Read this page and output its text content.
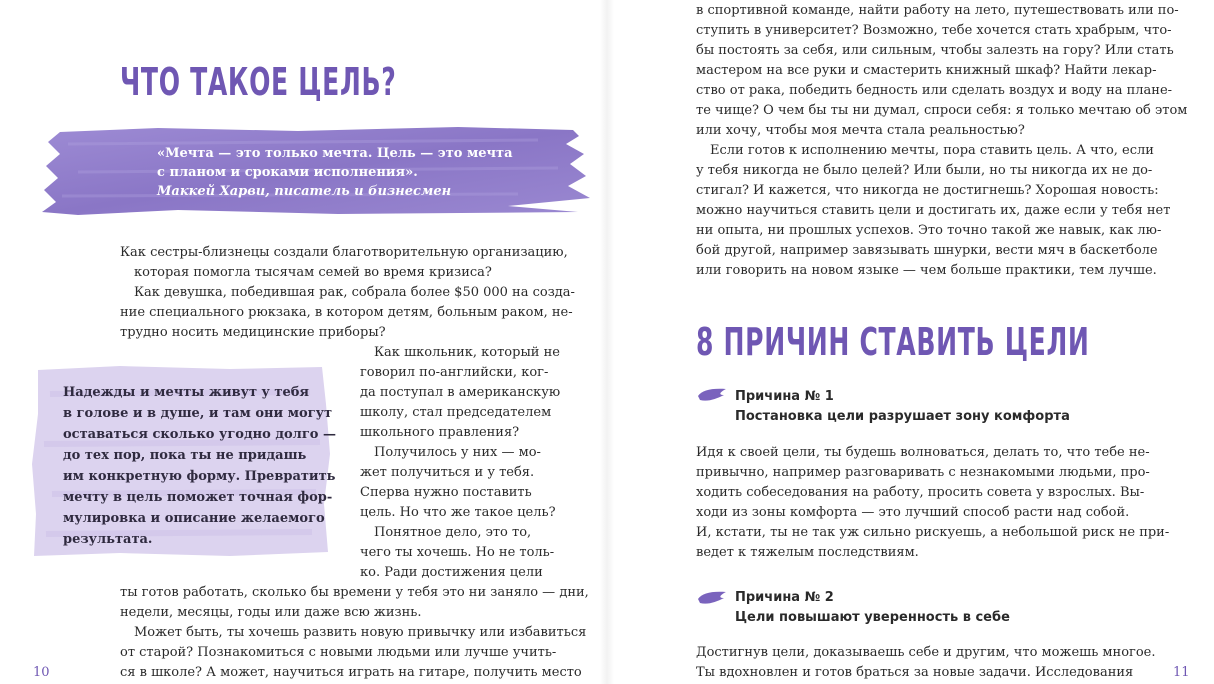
ЧТО ТАКОЕ ЦЕЛЬ?
«Мечта — это только мечта. Цель — это мечта
с планом и сроками исполнения».
Маккей Харви, писатель и бизнесмен
Как сестры-близнецы создали благотворительную организацию,
которая помогла тысячам семей во время кризиса?
Как девушка, победившая рак, собрала более $50 000 на созда-
ние специального рюкзака, в котором детям, больным раком, не-
трудно носить медицинские приборы?
Надежды и мечты живут у тебя
в голове и в душе, и там они могут
оставаться сколько угодно долго —
до тех пор, пока ты не придашь
им конкретную форму. Превратить
мечту в цель поможет точная фор-
мулировка и описание желаемого
результата.
Как школьник, который не
говорил по-английски, ког-
да поступал в американскую
школу, стал председателем
школьного правления?
Получилось у них — мо-
жет получиться и у тебя.
Сперва нужно поставить
цель. Но что же такое цель?
Понятное дело, это то,
чего ты хочешь. Но не толь-
ко. Ради достижения цели
ты готов работать, сколько бы времени у тебя это ни заняло — дни,
недели, месяцы, годы или даже всю жизнь.
Может быть, ты хочешь развить новую привычку или избавиться
от старой? Познакомиться с новыми людьми или лучше учить-
ся в школе? А может, научиться играть на гитаре, получить место
10
в спортивной команде, найти работу на лето, путешествовать или по-
ступить в университет? Возможно, тебе хочется стать храбрым, что-
бы постоять за себя, или сильным, чтобы залезть на гору? Или стать
мастером на все руки и смастерить книжный шкаф? Найти лекар-
ство от рака, победить бедность или сделать воздух и воду на плане-
те чище? О чем бы ты ни думал, спроси себя: я только мечтаю об этом
или хочу, чтобы моя мечта стала реальностью?
Если готов к исполнению мечты, пора ставить цель. А что, если
у тебя никогда не было целей? Или были, но ты никогда их не до-
стигал? И кажется, что никогда не достигнешь? Хорошая новость:
можно научиться ставить цели и достигать их, даже если у тебя нет
ни опыта, ни прошлых успехов. Это точно такой же навык, как лю-
бой другой, например завязывать шнурки, вести мяч в баскетболе
или говорить на новом языке — чем больше практики, тем лучше.
8 ПРИЧИН СТАВИТЬ ЦЕЛИ
Причина № 1
Постановка цели разрушает зону комфорта
Идя к своей цели, ты будешь волноваться, делать то, что тебе не-
привычно, например разговаривать с незнакомыми людьми, про-
ходить собеседования на работу, просить совета у взрослых. Вы-
ходи из зоны комфорта — это лучший способ расти над собой.
И, кстати, ты не так уж сильно рискуешь, а небольшой риск не при-
ведет к тяжелым последствиям.
Причина № 2
Цели повышают уверенность в себе
Достигнув цели, доказываешь себе и другим, что можешь многое.
Ты вдохновлен и готов браться за новые задачи. Исследования	11
